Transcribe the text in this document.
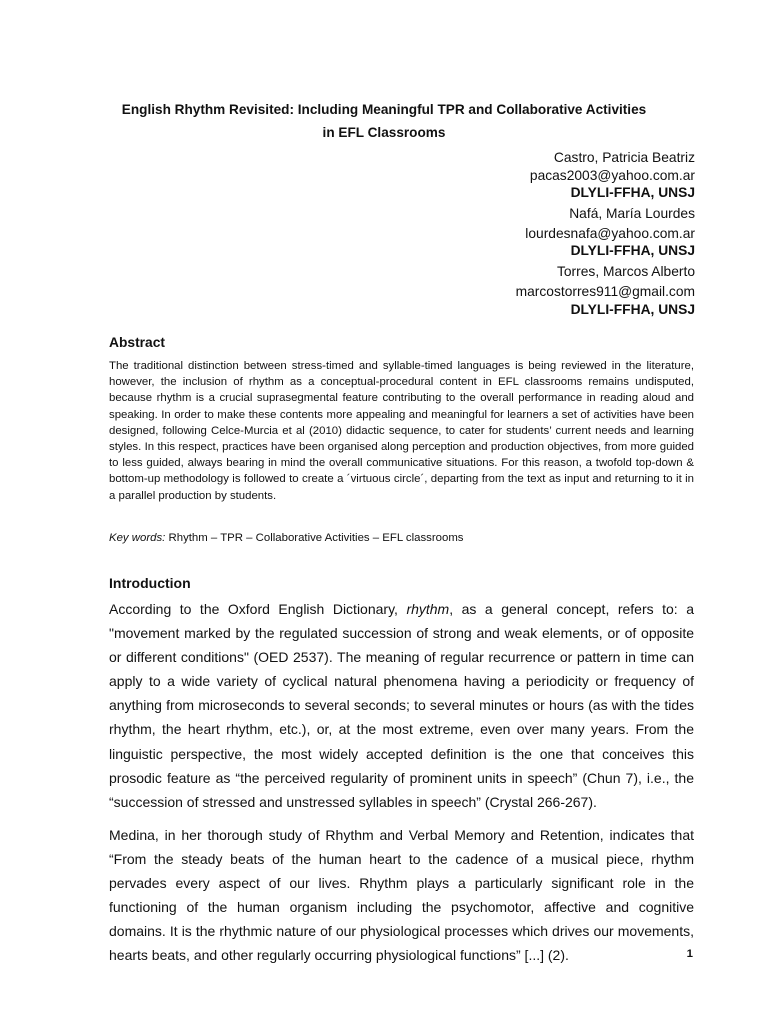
English Rhythm Revisited: Including Meaningful TPR and Collaborative Activities
in EFL Classrooms
Castro, Patricia Beatriz
pacas2003@yahoo.com.ar
DLYLI-FFHA, UNSJ
Nafá, María Lourdes
lourdesnafa@yahoo.com.ar
DLYLI-FFHA, UNSJ
Torres, Marcos Alberto
marcostorres911@gmail.com
DLYLI-FFHA, UNSJ
Abstract

The traditional distinction between stress-timed and syllable-timed languages is being reviewed in the literature, however, the inclusion of rhythm as a conceptual-procedural content in EFL classrooms remains undisputed, because rhythm is a crucial suprasegmental feature contributing to the overall performance in reading aloud and speaking. In order to make these contents more appealing and meaningful for learners a set of activities have been designed, following Celce-Murcia et al (2010) didactic sequence, to cater for students’ current needs and learning styles. In this respect, practices have been organised along perception and production objectives, from more guided to less guided, always bearing in mind the overall communicative situations. For this reason, a twofold top-down & bottom-up methodology is followed to create a ´virtuous circle´, departing from the text as input and returning to it in a parallel production by students.

Key words: Rhythm – TPR – Collaborative Activities – EFL classrooms
Introduction

According to the Oxford English Dictionary, rhythm, as a general concept, refers to: a "movement marked by the regulated succession of strong and weak elements, or of opposite or different conditions" (OED 2537). The meaning of regular recurrence or pattern in time can apply to a wide variety of cyclical natural phenomena having a periodicity or frequency of anything from microseconds to several seconds; to several minutes or hours (as with the tides rhythm, the heart rhythm, etc.), or, at the most extreme, even over many years. From the linguistic perspective, the most widely accepted definition is the one that conceives this prosodic feature as “the perceived regularity of prominent units in speech” (Chun 7), i.e., the “succession of stressed and unstressed syllables in speech” (Crystal 266-267).

Medina, in her thorough study of Rhythm and Verbal Memory and Retention, indicates that “From the steady beats of the human heart to the cadence of a musical piece, rhythm pervades every aspect of our lives. Rhythm plays a particularly significant role in the functioning of the human organism including the psychomotor, affective and cognitive domains. It is the rhythmic nature of our physiological processes which drives our movements, hearts beats, and other regularly occurring physiological functions” [...] (2).	1
